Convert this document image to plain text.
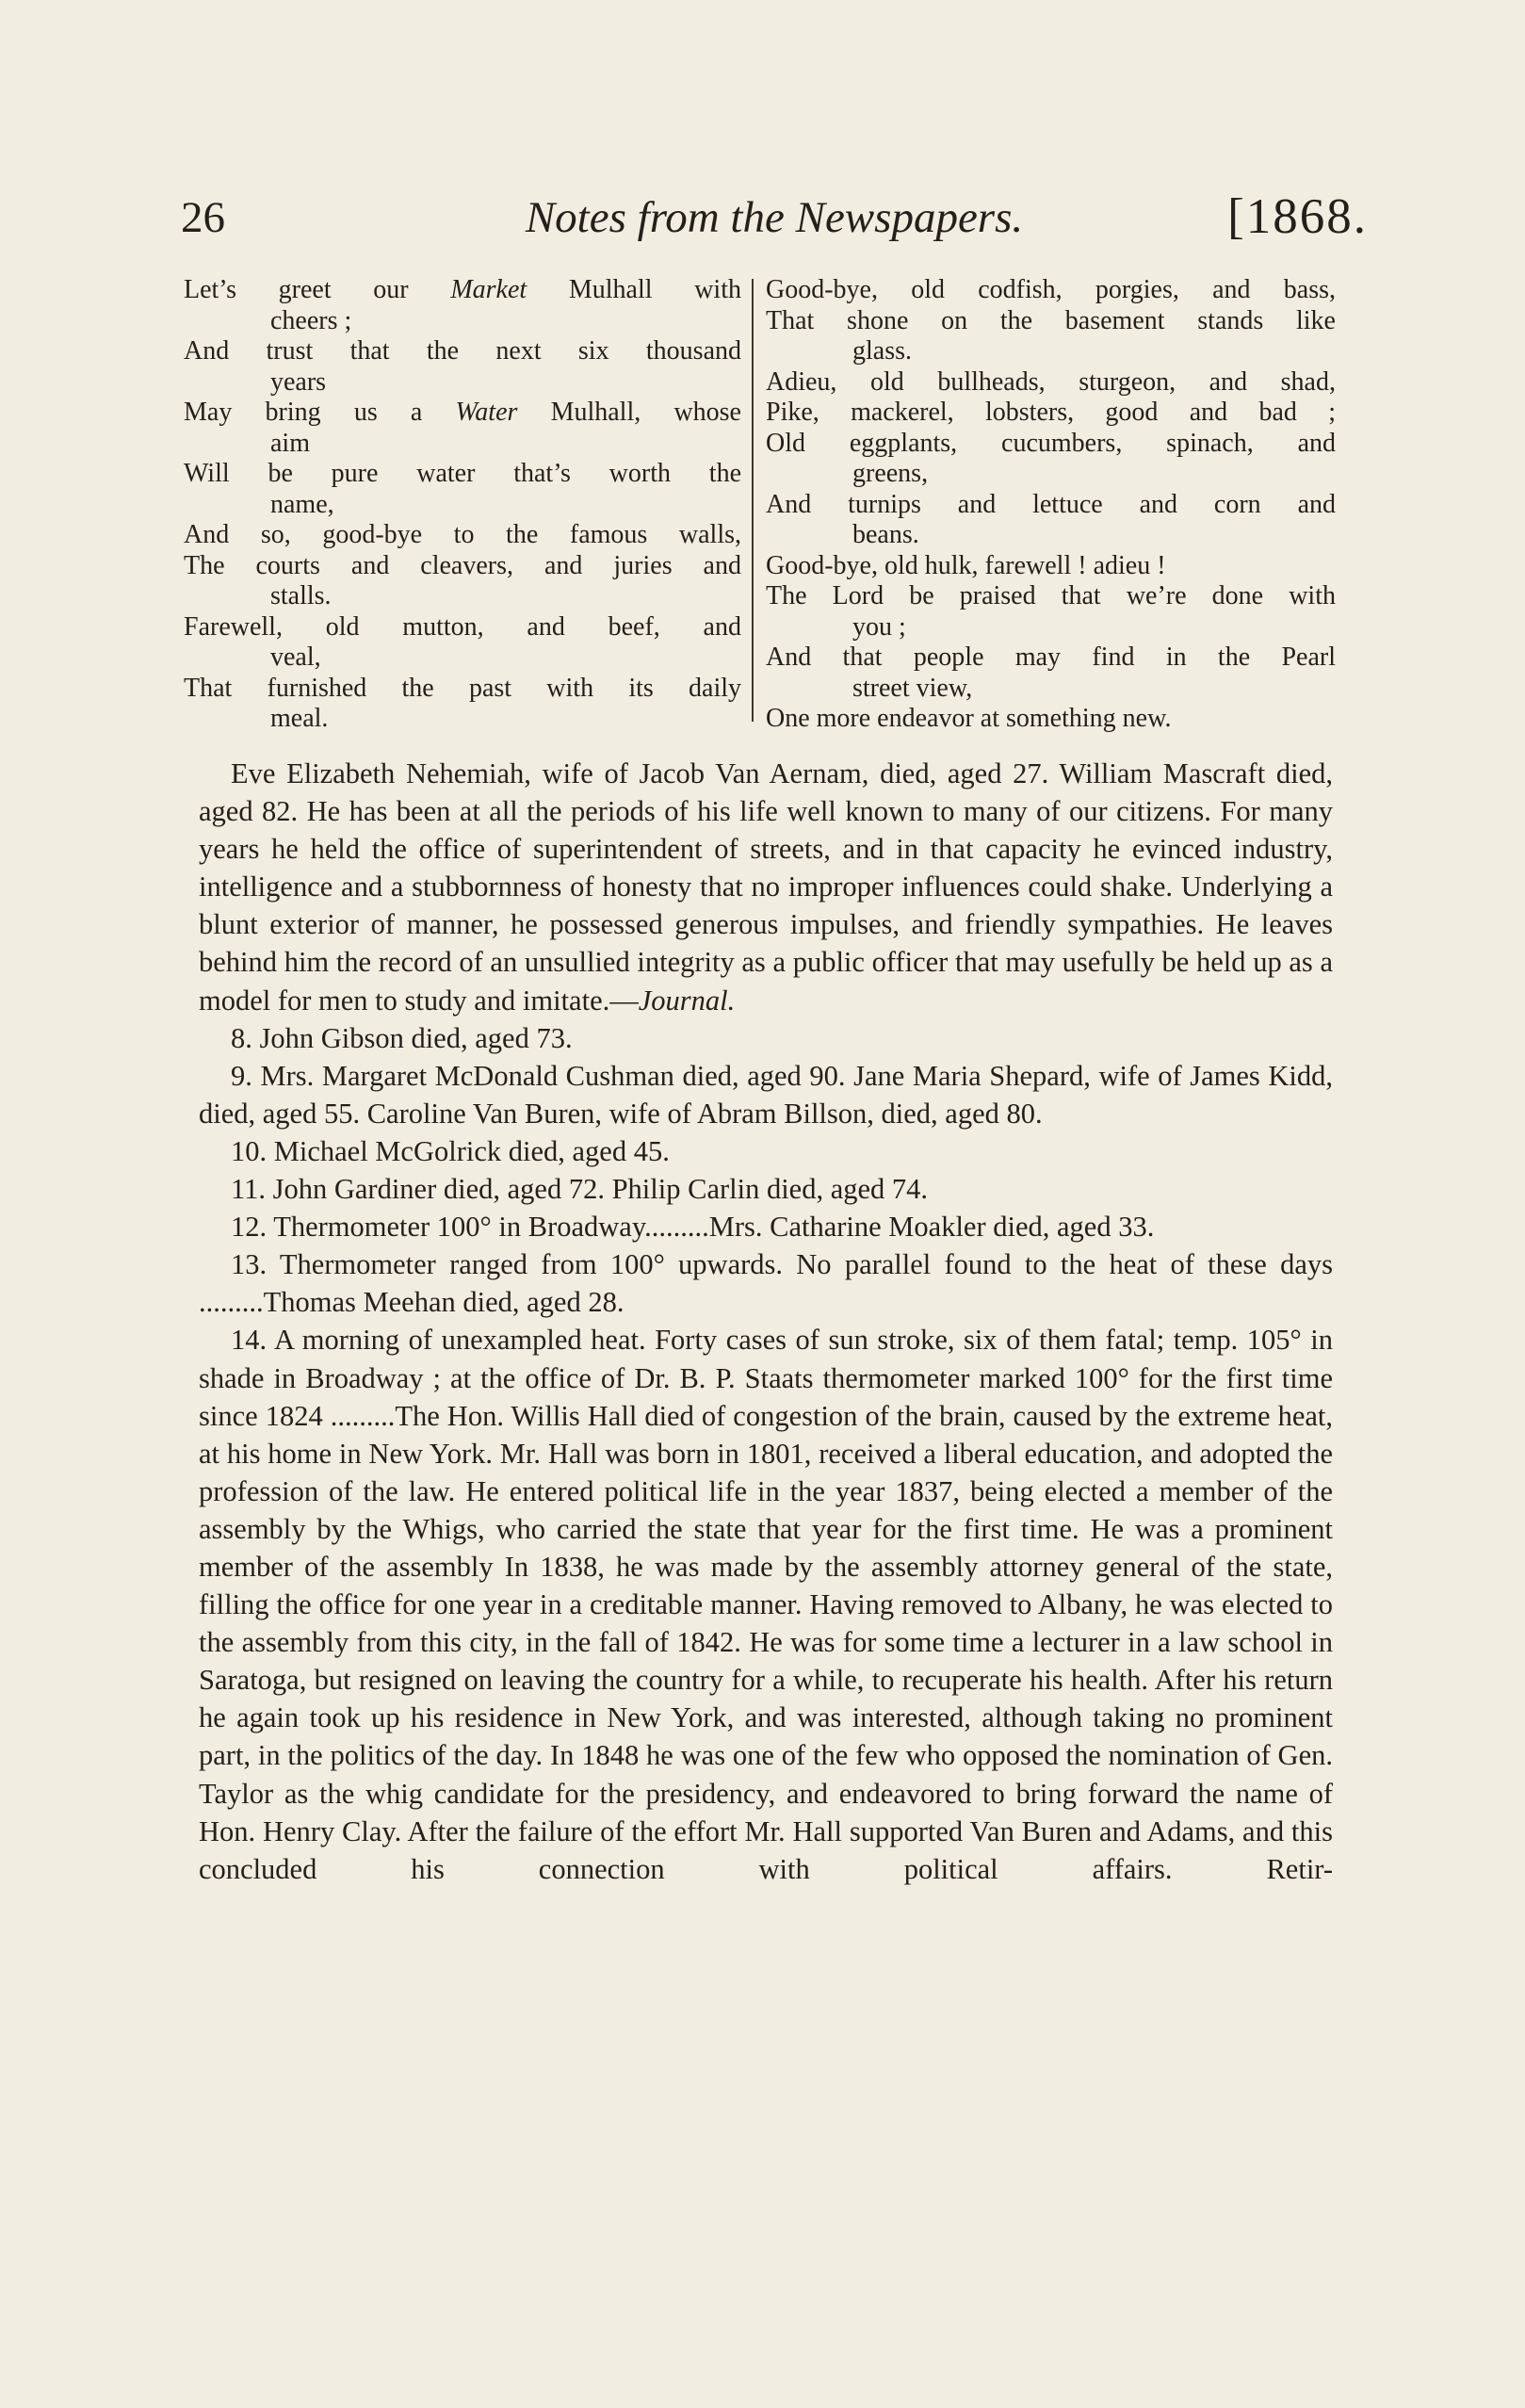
26	Notes from the Newspapers.	[1868.
Let’s greet our Market Mulhall with
cheers ;
And trust that the next six thousand
years
May bring us a Water Mulhall, whose
aim
Will be pure water that’s worth the
name,
And so, good-bye to the famous walls,
The courts and cleavers, and juries and
stalls.
Farewell, old mutton, and beef, and
veal,
That furnished the past with its daily
meal.
Good-bye, old codfish, porgies, and bass,
That shone on the basement stands like
glass.
Adieu, old bullheads, sturgeon, and shad,
Pike, mackerel, lobsters, good and bad ;
Old eggplants, cucumbers, spinach, and
greens,
And turnips and lettuce and corn and
beans.
Good-bye, old hulk, farewell ! adieu !
The Lord be praised that we’re done with
you ;
And that people may find in the Pearl
street view,
One more endeavor at something new.

Eve Elizabeth Nehemiah, wife of Jacob Van Aernam, died, aged 27. William Mascraft died, aged 82. He has been at all the periods of his life well known to many of our citizens. For many years he held the office of superintendent of streets, and in that capacity he evinced industry, intelligence and a stubbornness of honesty that no improper influences could shake. Underlying a blunt exterior of manner, he possessed generous impulses, and friendly sympathies. He leaves behind him the record of an unsullied integrity as a public officer that may usefully be held up as a model for men to study and imitate.—Journal.

8. John Gibson died, aged 73.

9. Mrs. Margaret McDonald Cushman died, aged 90. Jane Maria Shepard, wife of James Kidd, died, aged 55. Caroline Van Buren, wife of Abram Billson, died, aged 80.

10. Michael McGolrick died, aged 45.

11. John Gardiner died, aged 72. Philip Carlin died, aged 74.

12. Thermometer 100° in Broadway.........Mrs. Catharine Moakler died, aged 33.

13. Thermometer ranged from 100° upwards. No parallel found to the heat of these days .........Thomas Meehan died, aged 28.

14. A morning of unexampled heat. Forty cases of sun stroke, six of them fatal; temp. 105° in shade in Broadway ; at the office of Dr. B. P. Staats thermometer marked 100° for the first time since 1824 .........The Hon. Willis Hall died of congestion of the brain, caused by the extreme heat, at his home in New York. Mr. Hall was born in 1801, received a liberal education, and adopted the profession of the law. He entered political life in the year 1837, being elected a member of the assembly by the Whigs, who carried the state that year for the first time. He was a prominent member of the assembly In 1838, he was made by the assembly attorney general of the state, filling the office for one year in a creditable manner. Having removed to Albany, he was elected to the assembly from this city, in the fall of 1842. He was for some time a lecturer in a law school in Saratoga, but resigned on leaving the country for a while, to recuperate his health. After his return he again took up his residence in New York, and was interested, although taking no prominent part, in the politics of the day. In 1848 he was one of the few who opposed the nomination of Gen. Taylor as the whig candidate for the presidency, and endeavored to bring forward the name of Hon. Henry Clay. After the failure of the effort Mr. Hall supported Van Buren and Adams, and this concluded his connection with political affairs. Retir-
